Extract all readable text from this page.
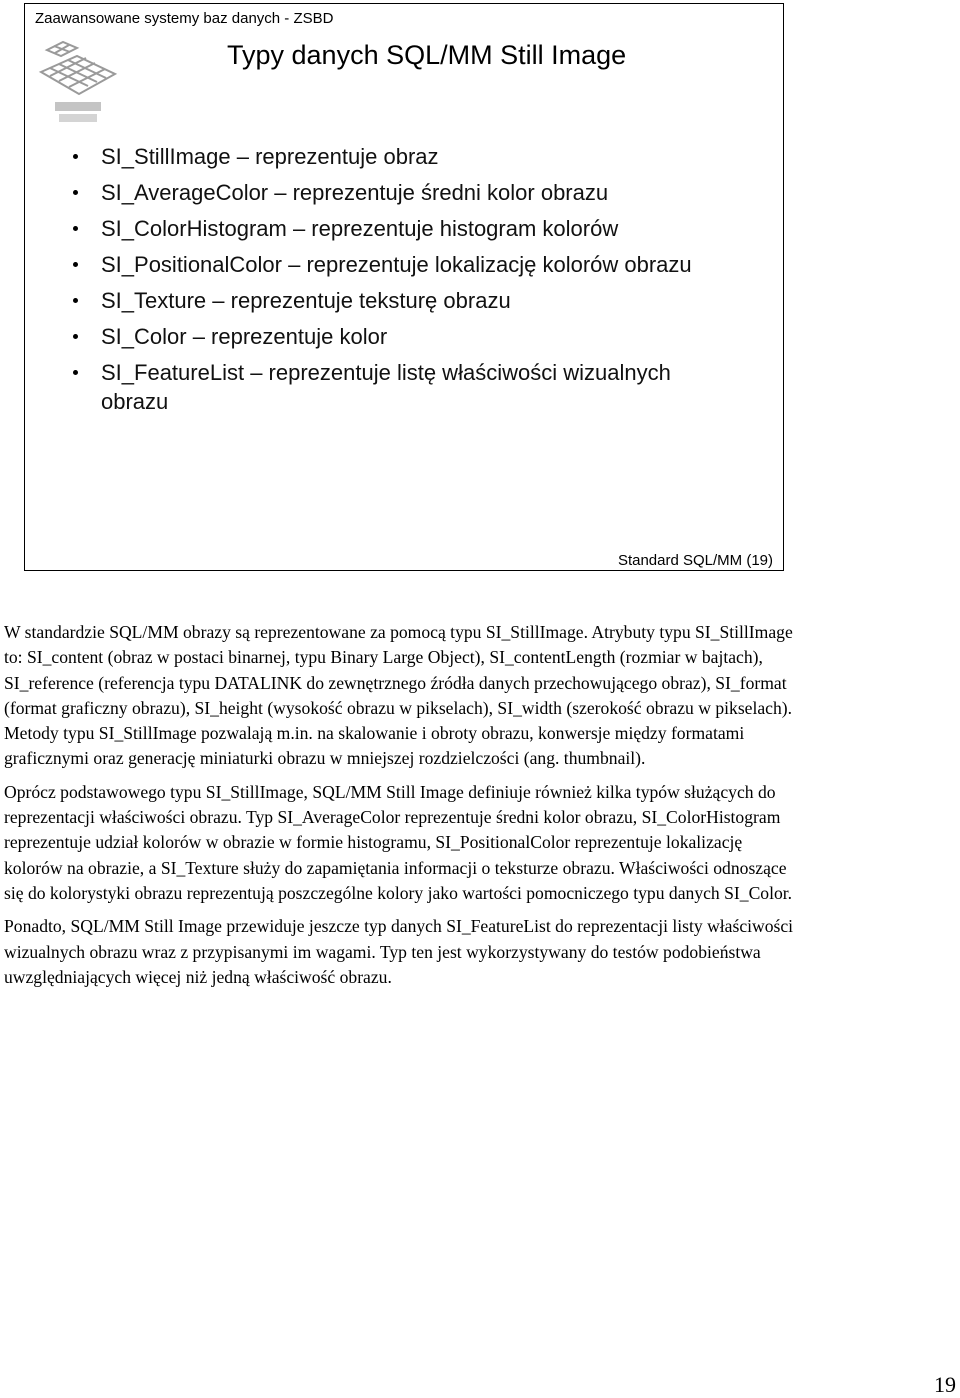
Zaawansowane systemy baz danych - ZSBD
Typy danych SQL/MM Still Image
SI_StillImage – reprezentuje obraz
SI_AverageColor – reprezentuje średni kolor obrazu
SI_ColorHistogram – reprezentuje histogram kolorów
SI_PositionalColor – reprezentuje lokalizację kolorów obrazu
SI_Texture – reprezentuje teksturę obrazu
SI_Color – reprezentuje kolor
SI_FeatureList – reprezentuje listę właściwości wizualnych obrazu
Standard SQL/MM (19)

W standardzie SQL/MM obrazy są reprezentowane za pomocą typu SI_StillImage. Atrybuty typu SI_StillImage to: SI_content (obraz w postaci binarnej, typu Binary Large Object), SI_contentLength (rozmiar w bajtach), SI_reference (referencja typu DATALINK do zewnętrznego źródła danych przechowującego obraz), SI_format (format graficzny obrazu), SI_height (wysokość obrazu w pikselach), SI_width (szerokość obrazu w pikselach). Metody typu SI_StillImage pozwalają m.in. na skalowanie i obroty obrazu, konwersje między formatami graficznymi oraz generację miniaturki obrazu w mniejszej rozdzielczości (ang. thumbnail).

Oprócz podstawowego typu SI_StillImage, SQL/MM Still Image definiuje również kilka typów służących do reprezentacji właściwości obrazu. Typ SI_AverageColor reprezentuje średni kolor obrazu, SI_ColorHistogram reprezentuje udział kolorów w obrazie w formie histogramu, SI_PositionalColor reprezentuje lokalizację kolorów na obrazie, a SI_Texture służy do zapamiętania informacji o teksturze obrazu. Właściwości odnoszące się do kolorystyki obrazu reprezentują poszczególne kolory jako wartości pomocniczego typu danych SI_Color.

Ponadto, SQL/MM Still Image przewiduje jeszcze typ danych SI_FeatureList do reprezentacji listy właściwości wizualnych obrazu wraz z przypisanymi im wagami. Typ ten jest wykorzystywany do testów podobieństwa uwzględniających więcej niż jedną właściwość obrazu.

19
